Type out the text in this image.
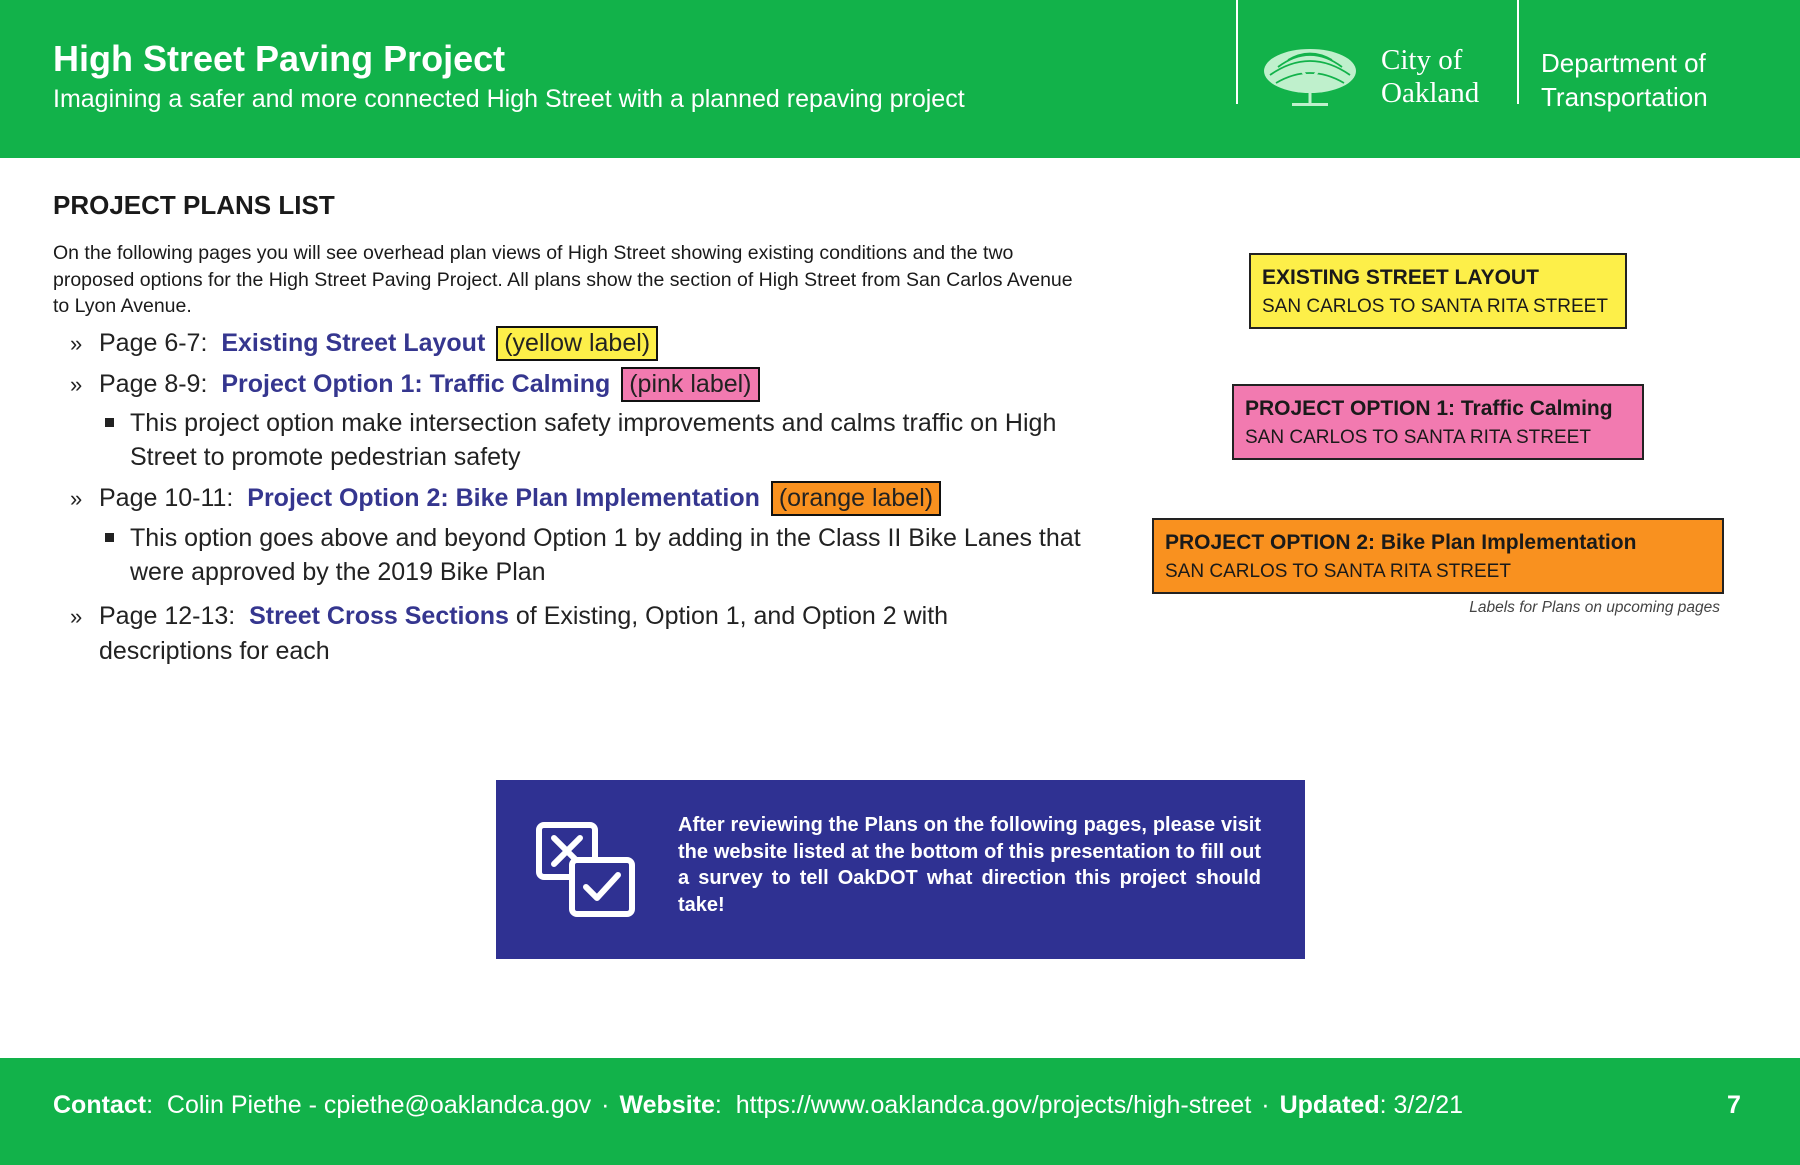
High Street Paving Project
Imagining a safer and more connected High Street with a planned repaving project
City of
Oakland
Department of
Transportation
PROJECT PLANS LIST
On the following pages you will see overhead plan views of High Street showing existing conditions and the two proposed options for the High Street Paving Project. All plans show the section of High Street from San Carlos Avenue to Lyon Avenue.
» Page 6-7: Existing Street Layout (yellow label)
» Page 8-9: Project Option 1: Traffic Calming (pink label)
This project option make intersection safety improvements and calms traffic on High Street to promote pedestrian safety
» Page 10-11: Project Option 2: Bike Plan Implementation (orange label)
This option goes above and beyond Option 1 by adding in the Class II Bike Lanes that were approved by the 2019 Bike Plan
» Page 12-13: Street Cross Sections of Existing, Option 1, and Option 2 with descriptions for each
EXISTING STREET LAYOUT
SAN CARLOS TO SANTA RITA STREET
PROJECT OPTION 1: Traffic Calming
SAN CARLOS TO SANTA RITA STREET
PROJECT OPTION 2: Bike Plan Implementation
SAN CARLOS TO SANTA RITA STREET
Labels for Plans on upcoming pages
After reviewing the Plans on the following pages, please visit the website listed at the bottom of this presentation to fill out a survey to tell OakDOT what direction this project should take!
Contact:  Colin Piethe - cpiethe@oaklandca.gov · Website:  https://www.oaklandca.gov/projects/high-street · Updated: 3/2/21	7
